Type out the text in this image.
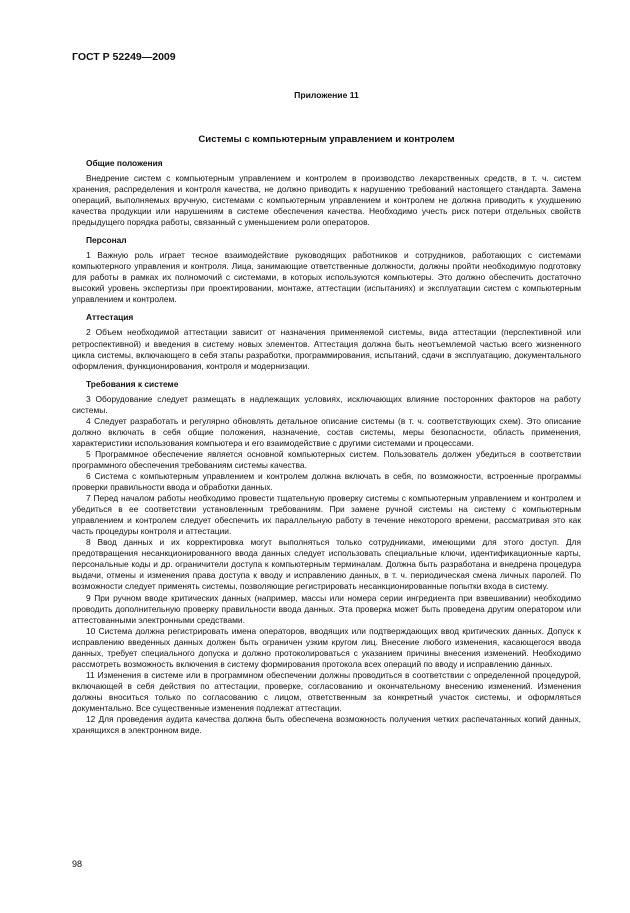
ГОСТ Р 52249—2009
Приложение 11
Системы с компьютерным управлением и контролем
Общие положения

Внедрение систем с компьютерным управлением и контролем в производство лекарственных средств, в т. ч. систем хранения, распределения и контроля качества, не должно приводить к нарушению требований настоящего стандарта. Замена операций, выполняемых вручную, системами с компьютерным управлением и контролем не должна приводить к ухудшению качества продукции или нарушениям в системе обеспечения качества. Необходимо учесть риск потери отдельных свойств предыдущего порядка работы, связанный с уменьшением роли операторов.

Персонал

1 Важную роль играет тесное взаимодействие руководящих работников и сотрудников, работающих с системами компьютерного управления и контроля. Лица, занимающие ответственные должности, должны пройти необходимую подготовку для работы в рамках их полномочий с системами, в которых используются компьютеры. Это должно обеспечить достаточно высокий уровень экспертизы при проектировании, монтаже, аттестации (испытаниях) и эксплуатации систем с компьютерным управлением и контролем.

Аттестация

2 Объем необходимой аттестации зависит от назначения применяемой системы, вида аттестации (перспективной или ретроспективной) и введения в систему новых элементов. Аттестация должна быть неотъемлемой частью всего жизненного цикла системы, включающего в себя этапы разработки, программирования, испытаний, сдачи в эксплуатацию, документального оформления, функционирования, контроля и модернизации.

Требования к системе

3 Оборудование следует размещать в надлежащих условиях, исключающих влияние посторонних факторов на работу системы.

4 Следует разработать и регулярно обновлять детальное описание системы (в т. ч. соответствующих схем). Это описание должно включать в себя общие положения, назначение, состав системы, меры безопасности, область применения, характеристики использования компьютера и его взаимодействие с другими системами и процессами.

5 Программное обеспечение является основной компьютерных систем. Пользователь должен убедиться в соответствии программного обеспечения требованиям системы качества.

6 Система с компьютерным управлением и контролем должна включать в себя, по возможности, встроенные программы проверки правильности ввода и обработки данных.

7 Перед началом работы необходимо провести тщательную проверку системы с компьютерным управлением и контролем и убедиться в ее соответствии установленным требованиям. При замене ручной системы на систему с компьютерным управлением и контролем следует обеспечить их параллельную работу в течение некоторого времени, рассматривая это как часть процедуры контроля и аттестации.

8 Ввод данных и их корректировка могут выполняться только сотрудниками, имеющими для этого доступ. Для предотвращения несанкционированного ввода данных следует использовать специальные ключи, идентификационные карты, персональные коды и др. ограничители доступа к компьютерным терминалам. Должна быть разработана и внедрена процедура выдачи, отмены и изменения права доступа к вводу и исправлению данных, в т. ч. периодическая смена личных паролей. По возможности следует применять системы, позволяющие регистрировать несанкционированные попытки входа в систему.

9 При ручном вводе критических данных (например, массы или номера серии ингредиента при взвешивании) необходимо проводить дополнительную проверку правильности ввода данных. Эта проверка может быть проведена другим оператором или аттестованными электронными средствами.

10 Система должна регистрировать имена операторов, вводящих или подтверждающих ввод критических данных. Допуск к исправлению введенных данных должен быть ограничен узким кругом лиц. Внесение любого изменения, касающегося ввода данных, требует специального допуска и должно протоколироваться с указанием причины внесения изменений. Необходимо рассмотреть возможность включения в систему формирования протокола всех операций по вводу и исправлению данных.

11 Изменения в системе или в программном обеспечении должны проводиться в соответствии с определенной процедурой, включающей в себя действия по аттестации, проверке, согласованию и окончательному внесению изменений. Изменения должны вноситься только по согласованию с лицом, ответственным за конкретный участок системы, и оформляться документально. Все существенные изменения подлежат аттестации.

12 Для проведения аудита качества должна быть обеспечена возможность получения четких распечатанных копий данных, хранящихся в электронном виде.

98
